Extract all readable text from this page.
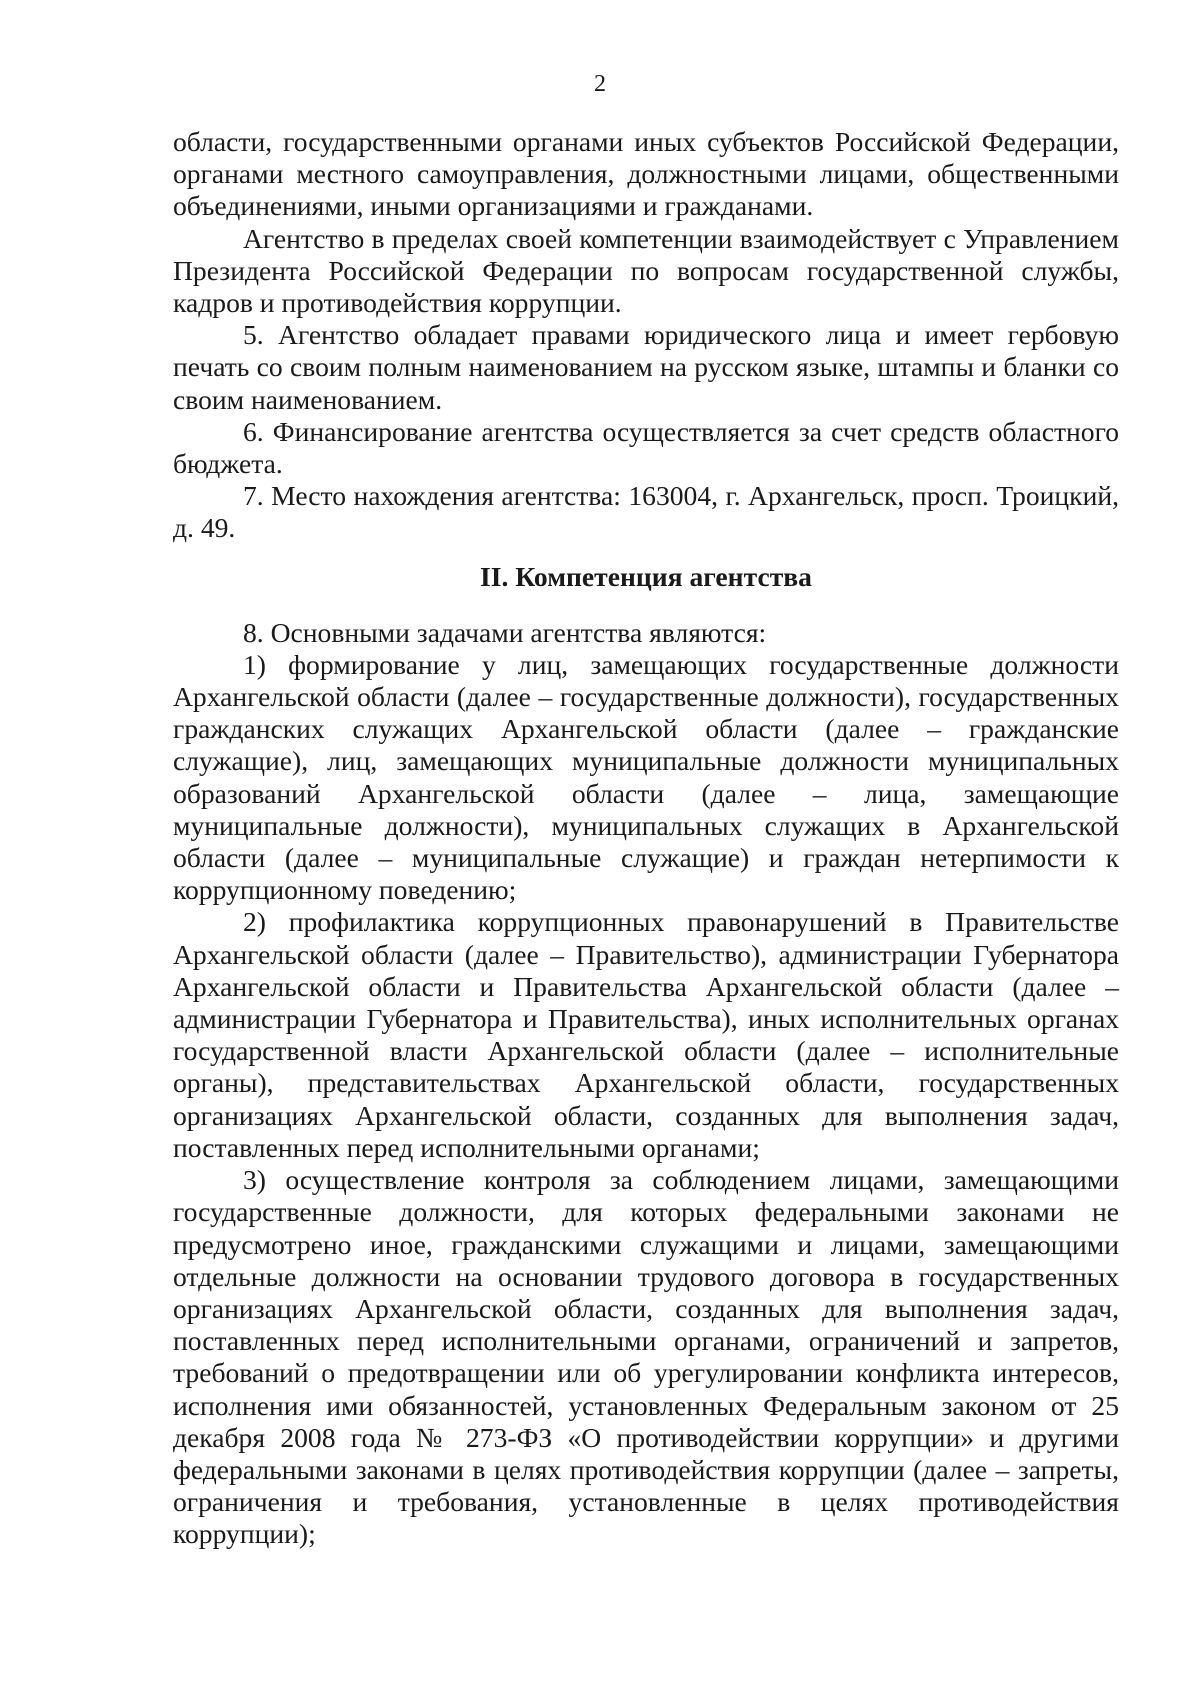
2

области, государственными органами иных субъектов Российской Федерации, органами местного самоуправления, должностными лицами, общественными объединениями, иными организациями и гражданами.

Агентство в пределах своей компетенции взаимодействует с Управлением Президента Российской Федерации по вопросам государственной службы, кадров и противодействия коррупции.

5. Агентство обладает правами юридического лица и имеет гербовую печать со своим полным наименованием на русском языке, штампы и бланки со своим наименованием.

6. Финансирование агентства осуществляется за счет средств областного бюджета.

7. Место нахождения агентства: 163004, г. Архангельск, просп. Троицкий, д. 49.

II. Компетенция агентства

8. Основными задачами агентства являются:

1) формирование у лиц, замещающих государственные должности Архангельской области (далее – государственные должности), государственных гражданских служащих Архангельской области (далее – гражданские служащие), лиц, замещающих муниципальные должности муниципальных образований Архангельской области (далее – лица, замещающие муниципальные должности), муниципальных служащих в Архангельской области (далее – муниципальные служащие) и граждан нетерпимости к коррупционному поведению;

2) профилактика коррупционных правонарушений в Правительстве Архангельской области (далее – Правительство), администрации Губернатора Архангельской области и Правительства Архангельской области (далее – администрации Губернатора и Правительства), иных исполнительных органах государственной власти Архангельской области (далее – исполнительные органы), представительствах Архангельской области, государственных организациях Архангельской области, созданных для выполнения задач, поставленных перед исполнительными органами;

3) осуществление контроля за соблюдением лицами, замещающими государственные должности, для которых федеральными законами не предусмотрено иное, гражданскими служащими и лицами, замещающими отдельные должности на основании трудового договора в государственных организациях Архангельской области, созданных для выполнения задач, поставленных перед исполнительными органами, ограничений и запретов, требований о предотвращении или об урегулировании конфликта интересов, исполнения ими обязанностей, установленных Федеральным законом от 25 декабря 2008 года № 273-ФЗ «О противодействии коррупции» и другими федеральными законами в целях противодействия коррупции (далее – запреты, ограничения и требования, установленные в целях противодействия коррупции);
